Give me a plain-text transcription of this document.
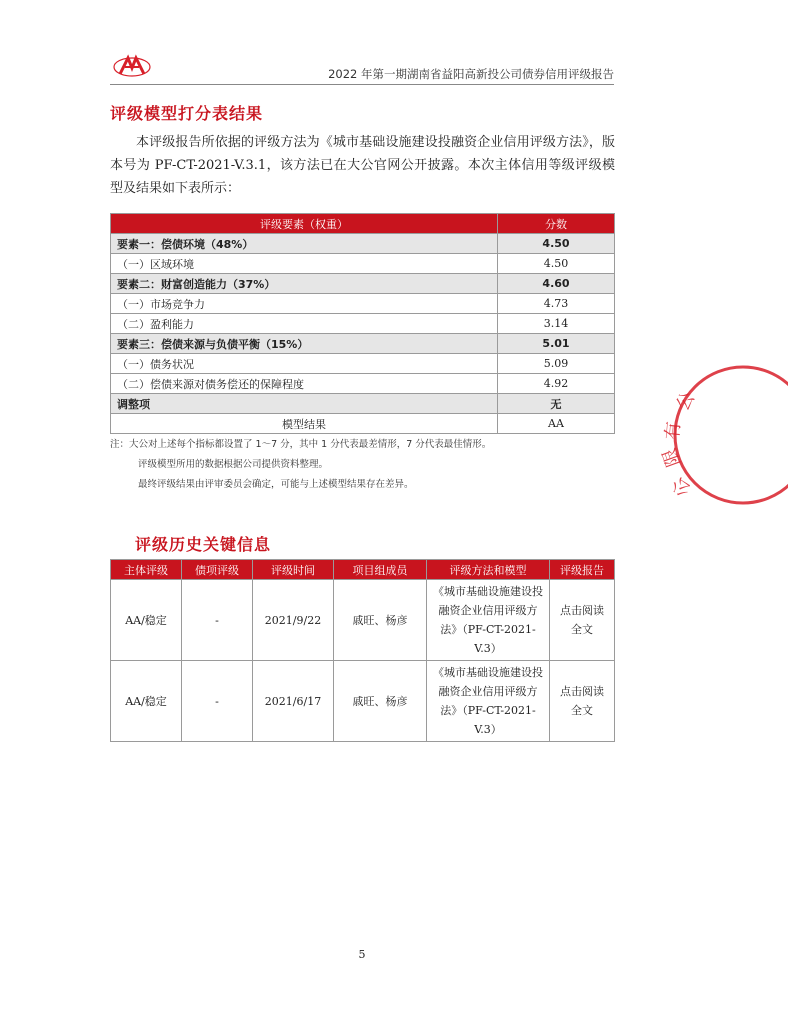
2022 年第一期湖南省益阳高新投公司债券信用评级报告
评级模型打分表结果
本评级报告所依据的评级方法为《城市基础设施建设投融资企业信用评级方法》，版本号为 PF-CT-2021-V.3.1，该方法已在大公官网公开披露。本次主体信用等级评级模型及结果如下表所示：
评级要素（权重）	分数
要素一：偿债环境（48%）	4.50
（一）区域环境	4.50
要素二：财富创造能力（37%）	4.60
（一）市场竞争力	4.73
（二）盈利能力	3.14
要素三：偿债来源与负债平衡（15%）	5.01
（一）债务状况	5.09
（二）偿债来源对债务偿还的保障程度	4.92
调整项	无
模型结果	AA
注：大公对上述每个指标都设置了 1～7 分，其中 1 分代表最差情形，7 分代表最佳情形。
评级模型所用的数据根据公司提供资料整理。
最终评级结果由评审委员会确定，可能与上述模型结果存在差异。
评级历史关键信息
主体评级	债项评级	评级时间	项目组成员	评级方法和模型	评级报告
AA/稳定	-	2021/9/22	戚旺、杨彦	《城市基础设施建设投融资企业信用评级方法》（PF-CT-2021-V.3）	点击阅读全文
AA/稳定	-	2021/6/17	戚旺、杨彦	《城市基础设施建设投融资企业信用评级方法》（PF-CT-2021-V.3）	点击阅读全文
5
公
有
限
公
